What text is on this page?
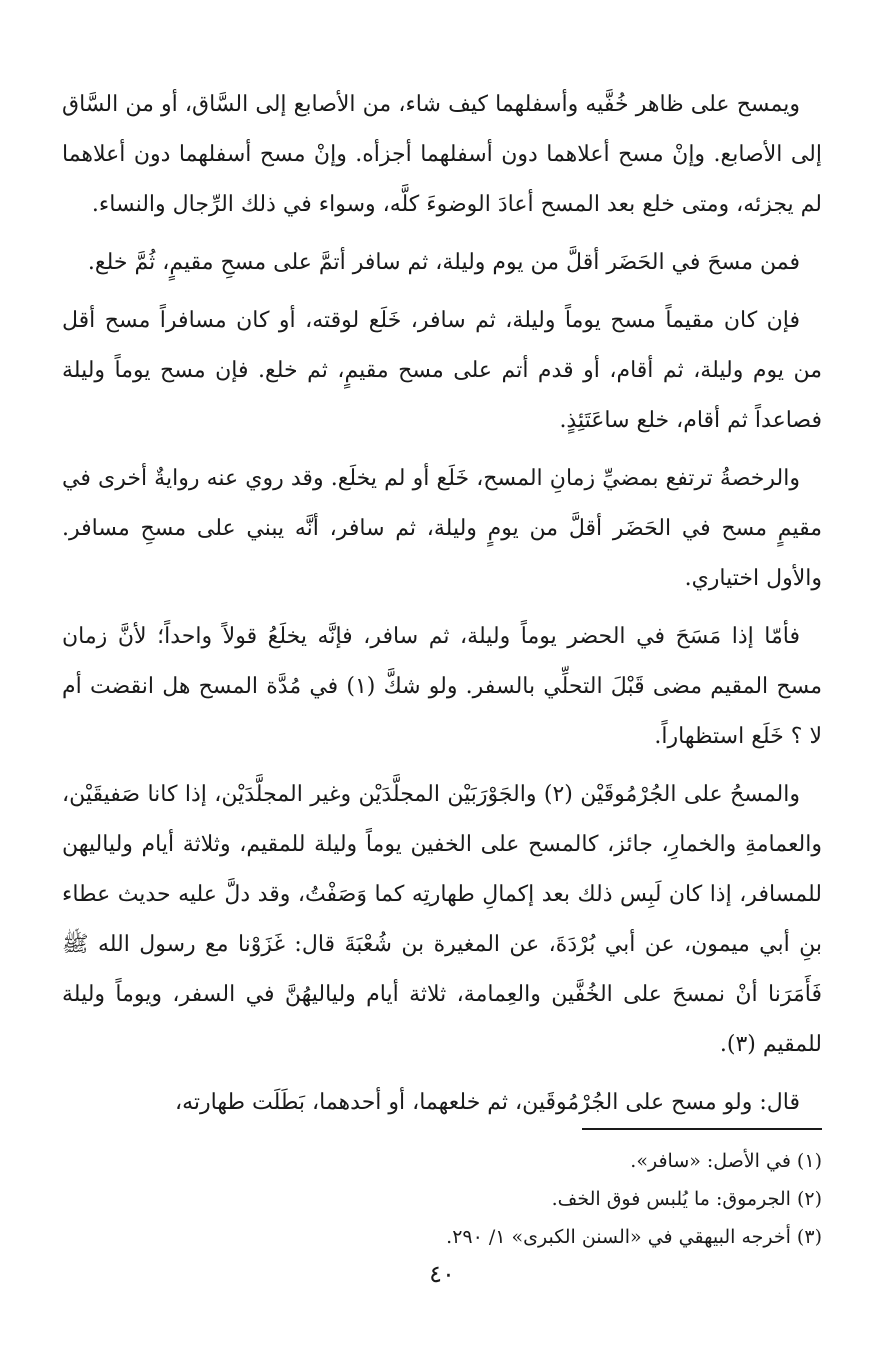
ويمسح على ظاهر خُفَّيه وأسفلهما كيف شاء، من الأصابع إلى السَّاق، أو من السَّاق إلى الأصابع. وإنْ مسح أعلاهما دون أسفلهما أجزأه. وإنْ مسح أسفلهما دون أعلاهما لم يجزئه، ومتى خلع بعد المسح أعادَ الوضوءَ كلَّه، وسواء في ذلك الرِّجال والنساء.

فمن مسحَ في الحَضَر أقلَّ من يوم وليلة، ثم سافر أتمَّ على مسحِ مقيمٍ، ثُمَّ خلع.

فإن كان مقيماً مسح يوماً وليلة، ثم سافر، خَلَع لوقته، أو كان مسافراً مسح أقل من يوم وليلة، ثم أقام، أو قدم أتم على مسح مقيمٍ، ثم خلع. فإن مسح يوماً وليلة فصاعداً ثم أقام، خلع ساعَتَئِذٍ.

والرخصةُ ترتفع بمضيِّ زمانِ المسح، خَلَع أو لم يخلَع. وقد روي عنه روايةٌ أخرى في مقيمٍ مسح في الحَضَر أقلَّ من يومٍ وليلة، ثم سافر، أنَّه يبني على مسحِ مسافر. والأول اختياري.

فأمّا إذا مَسَحَ في الحضر يوماً وليلة، ثم سافر، فإنَّه يخلَعُ قولاً واحداً؛ لأنَّ زمان مسح المقيم مضى قَبْلَ التحلِّي بالسفر. ولو شكَّ (١) في مُدَّة المسح هل انقضت أم لا ؟ خَلَع استظهاراً.

والمسحُ على الجُرْمُوقَيْن (٢) والجَوْرَبَيْن المجلَّدَيْن وغير المجلَّدَيْن، إذا كانا صَفيقَيْن، والعمامةِ والخمارِ، جائز، كالمسح على الخفين يوماً وليلة للمقيم، وثلاثة أيام ولياليهن للمسافر، إذا كان لَبِس ذلك بعد إكمالِ طهارتِه كما وَصَفْتُ، وقد دلَّ عليه حديث عطاء بنِ أبي ميمون، عن أبي بُرْدَةَ، عن المغيرة بن شُعْبَةَ قال: غَزَوْنا مع رسول الله ﷺ فَأَمَرَنا أنْ نمسحَ على الخُفَّين والعِمامة، ثلاثة أيام ولياليهُنَّ في السفر، ويوماً وليلة للمقيم (٣).

قال: ولو مسح على الجُرْمُوقَين، ثم خلعهما، أو أحدهما، بَطَلَت طهارته،

(١) في الأصل: «سافر».

(٢) الجرموق: ما يُلبس فوق الخف.

(٣) أخرجه البيهقي في «السنن الكبرى» ١/ ٢٩٠.

٤٠
